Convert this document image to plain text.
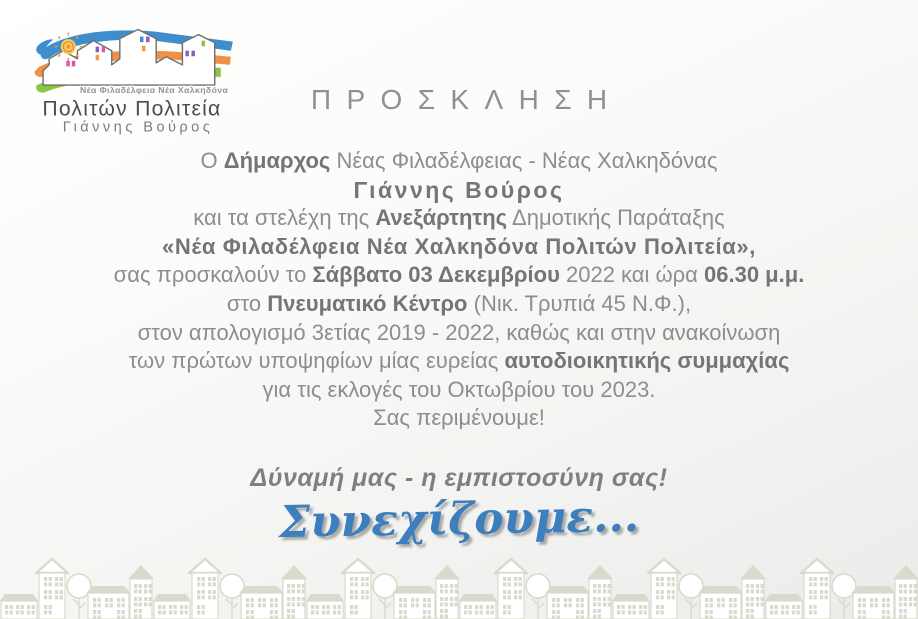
Νέα Φιλαδέλφεια Νέα Χαλκηδόνα
Πολιτών Πολιτεία
Γιάννης Βούρος
ΠΡΟΣΚΛΗΣΗ
Ο Δήμαρχος Νέας Φιλαδέλφειας - Νέας Χαλκηδόνας
Γιάννης Βούρος
και τα στελέχη της Ανεξάρτητης Δημοτικής Παράταξης
«Νέα Φιλαδέλφεια Νέα Χαλκηδόνα Πολιτών Πολιτεία»,
σας προσκαλούν το Σάββατο 03 Δεκεμβρίου 2022 και ώρα 06.30 μ.μ.
στο Πνευματικό Κέντρο (Νικ. Τρυπιά 45 Ν.Φ.),
στον απολογισμό 3ετίας 2019 - 2022, καθώς και στην ανακοίνωση
των πρώτων υποψηφίων μίας ευρείας αυτοδιοικητικής συμμαχίας
για τις εκλογές του Οκτωβρίου του 2023.
Σας περιμένουμε!
Δύναμή μας - η εμπιστοσύνη σας!
Συνεχίζουμε...
